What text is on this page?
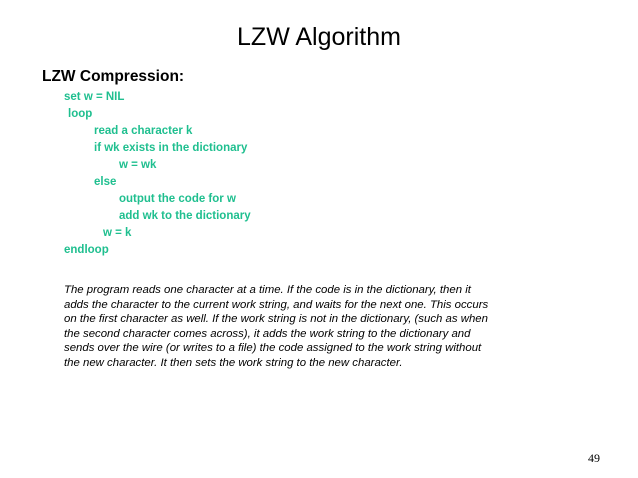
LZW Algorithm
LZW Compression:
set w = NIL
loop
read a character k
if wk exists in the dictionary
w = wk
else
output the code for w
add wk to the dictionary
w = k
endloop

The program reads one character at a time. If the code is in the dictionary, then it
adds the character to the current work string, and waits for the next one. This occurs
on the first character as well. If the work string is not in the dictionary, (such as when
the second character comes across), it adds the work string to the dictionary and
sends over the wire (or writes to a file) the code assigned to the work string without
the new character. It then sets the work string to the new character.

49
